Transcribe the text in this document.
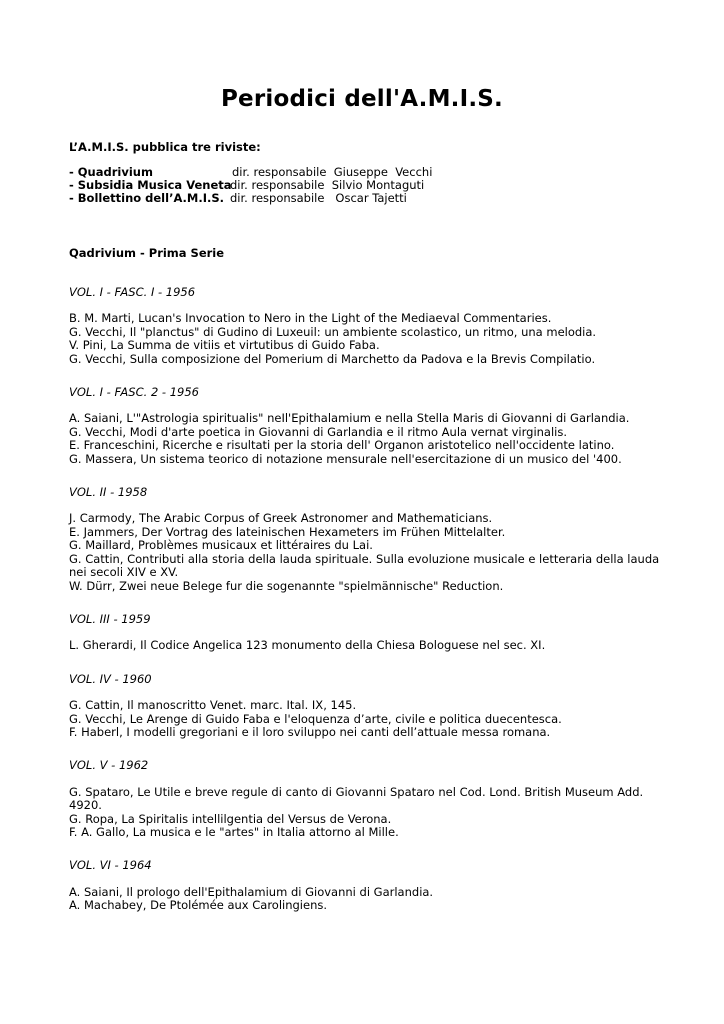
Periodici dell'A.M.I.S.
L’A.M.I.S. pubblica tre riviste:
- Quadrivium	dir. responsabile  Giuseppe  Vecchi
- Subsidia Musica Veneta
dir. responsabile  Silvio Montaguti
- Bollettino dell’A.M.I.S. dir. responsabile   Oscar Tajetti
Qadrivium - Prima Serie
VOL. I - FASC. I - 1956
B. M. Marti, Lucan's Invocation to Nero in the Light of the Mediaeval Commentaries.
G. Vecchi, Il "planctus" di Gudino di Luxeuil: un ambiente scolastico, un ritmo, una melodia.
V. Pini, La Summa de vitiis et virtutibus di Guido Faba.
G. Vecchi, Sulla composizione del Pomerium di Marchetto da Padova e la Brevis Compilatio.
VOL. I - FASC. 2 - 1956
A. Saiani, L'"Astrologia spiritualis" neIl'Epithalamium e nella Stella Maris di Giovanni di Garlandia.
G. Vecchi, Modi d'arte poetica in Giovanni di Garlandia e il ritmo Aula vernat virginalis.
E. Franceschini, Ricerche e risultati per la storia dell' Organon aristotelico nell'occidente latino.
G. Massera, Un sistema teorico di notazione mensurale nell'esercitazione di un musico del '400.
VOL. II - 1958
J. Carmody, The Arabic Corpus of Greek Astronomer and Mathematicians.
E. Jammers, Der Vortrag des lateinischen Hexameters im Frühen Mittelalter.
G. Maillard, Problèmes musicaux et littéraires du Lai.
G. Cattin, Contributi alla storia della lauda spirituale. Sulla evoluzione musicale e letteraria della lauda nei secoli XIV e XV.
W. Dürr, Zwei neue Belege fur die sogenannte "spielmännische" Reduction.
VOL. III - 1959
L. Gherardi, Il Codice Angelica 123 monumento della Chiesa Bologuese nel sec. XI.
VOL. IV - 1960
G. Cattin, Il manoscritto Venet. marc. Ital. IX, 145.
G. Vecchi, Le Arenge di Guido Faba e l'eloquenza d’arte, civile e politica duecentesca.
F. Haberl, I modelli gregoriani e il loro sviluppo nei canti dell’attuale messa romana.
VOL. V - 1962
G. Spataro, Le Utile e breve regule di canto di Giovanni Spataro nel Cod. Lond. British Museum Add. 4920.
G. Ropa, La Spiritalis intellilgentia del Versus de Verona.
F. A. Gallo, La musica e le "artes" in Italia attorno al Mille.
VOL. VI - 1964
A. Saiani, Il prologo dell'Epithalamium di Giovanni di Garlandia.
A. Machabey, De Ptolémée aux Carolingiens.
